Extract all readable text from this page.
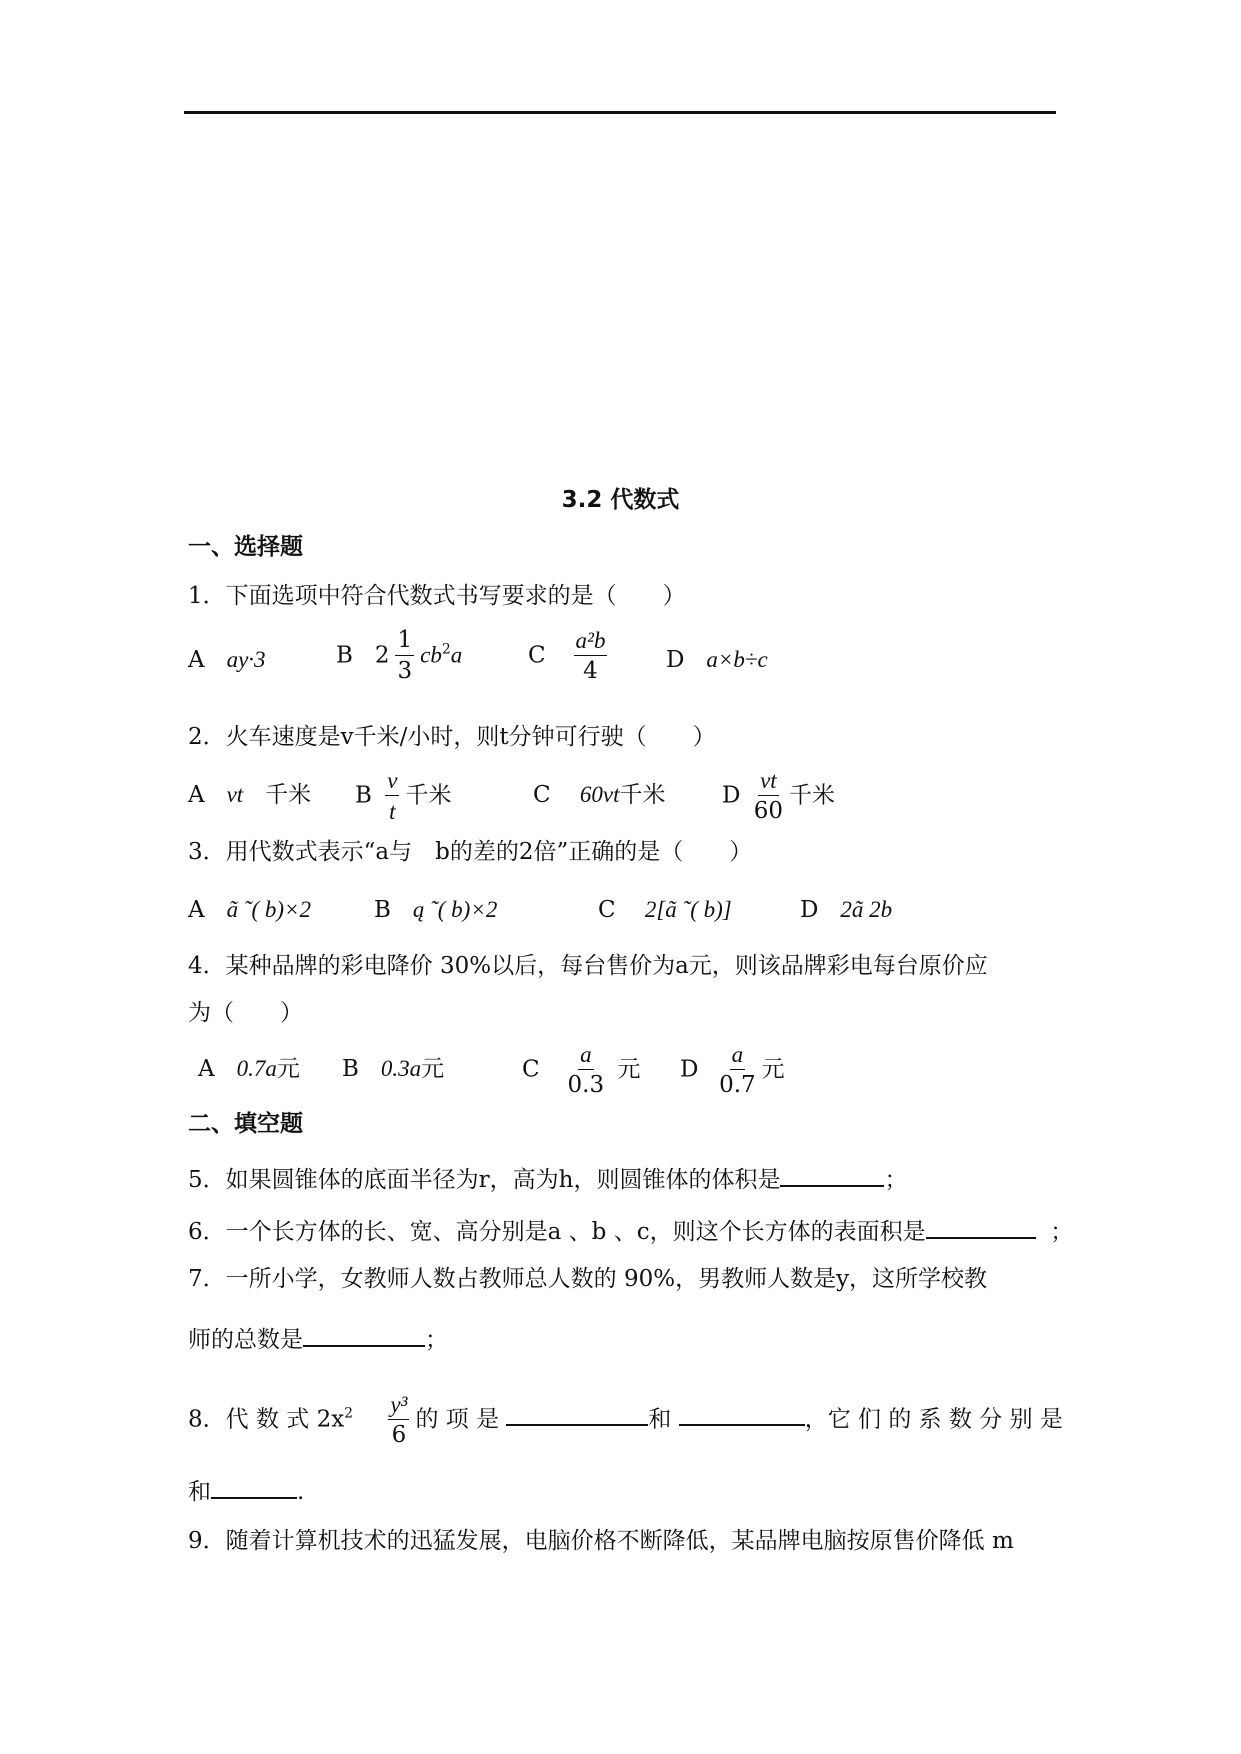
3.2 代数式
一、选择题
1．下面选项中符合代数式书写要求的是（　　）
A ay·3	B $2 \frac{1}{3} cb^2a$	C $\frac{\text{a²b}}{4}$	D a×b÷c
2．火车速度是v千米/小时，则t分钟可行驶（　　）
A vt 千米 B $\frac{v}{t}$ 千米	C 60vt千米 D $\frac{vt}{60}$ 千米
3．用代数式表示“a与　b的差的2倍”正确的是（　　）
A ã ˜( b)×2	B ą ˜( b)×2	C 2[ã ˜( b)]	D 2ã 2b
4．某种品牌的彩电降价 30%以后，每台售价为a元，则该品牌彩电每台原价应
为（　　）
A 0.7a元 B 0.3a元	C $\frac{a}{0.3}$ 元 D $\frac{a}{0.7}$ 元
二、填空题
5．如果圆锥体的底面半径为r，高为h，则圆锥体的体积是	；
6．一个长方体的长、宽、高分别是a 、b 、c，则这个长方体的表面积是	；
7．一所小学，女教师人数占教师总人数的 90%，男教师人数是y，这所学校教
师的总数是	；
8．代 数 式 $2x^2 \frac{\text{y³}}{6}$ 的 项 是	和	，它 们 的 系 数 分 别 是
和	.
9．随着计算机技术的迅猛发展，电脑价格不断降低，某品牌电脑按原售价降低 m
